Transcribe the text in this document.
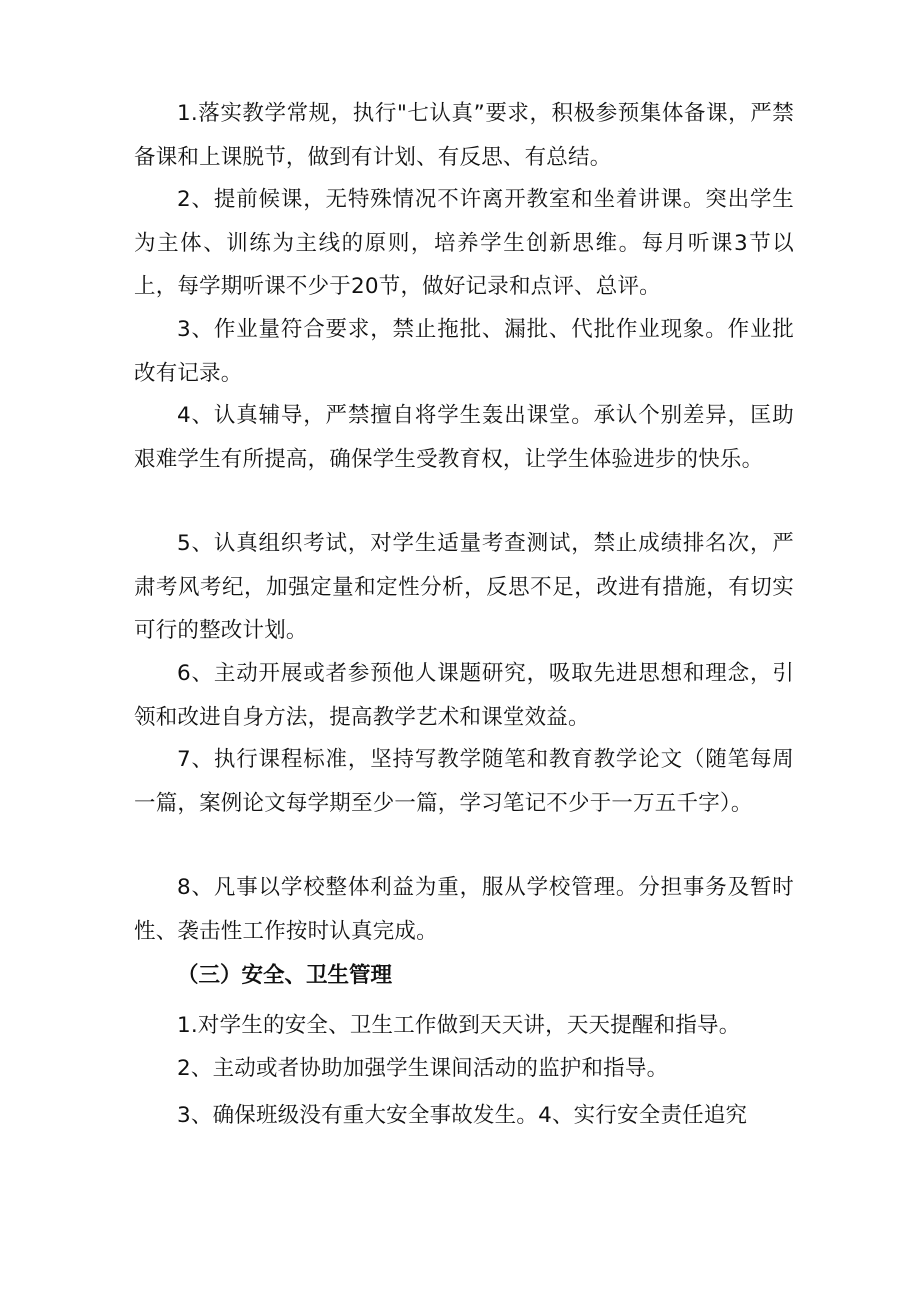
1.落实教学常规，执行"七认真”要求，积极参预集体备课，严禁备课和上课脱节，做到有计划、有反思、有总结。

2、提前候课，无特殊情况不许离开教室和坐着讲课。突出学生为主体、训练为主线的原则，培养学生创新思维。每月听课3节以上，每学期听课不少于20节，做好记录和点评、总评。

3、作业量符合要求，禁止拖批、漏批、代批作业现象。作业批改有记录。

4、认真辅导，严禁擅自将学生轰出课堂。承认个别差异，匡助艰难学生有所提高，确保学生受教育权，让学生体验进步的快乐。

5、认真组织考试，对学生适量考查测试，禁止成绩排名次，严肃考风考纪，加强定量和定性分析，反思不足，改进有措施，有切实可行的整改计划。

6、主动开展或者参预他人课题研究，吸取先进思想和理念，引领和改进自身方法，提高教学艺术和课堂效益。

7、执行课程标准，坚持写教学随笔和教育教学论文（随笔每周一篇，案例论文每学期至少一篇，学习笔记不少于一万五千字）。

8、凡事以学校整体利益为重，服从学校管理。分担事务及暂时性、袭击性工作按时认真完成。

（三）安全、卫生管理

1.对学生的安全、卫生工作做到天天讲，天天提醒和指导。

2、主动或者协助加强学生课间活动的监护和指导。

3、确保班级没有重大安全事故发生。4、实行安全责任追究
